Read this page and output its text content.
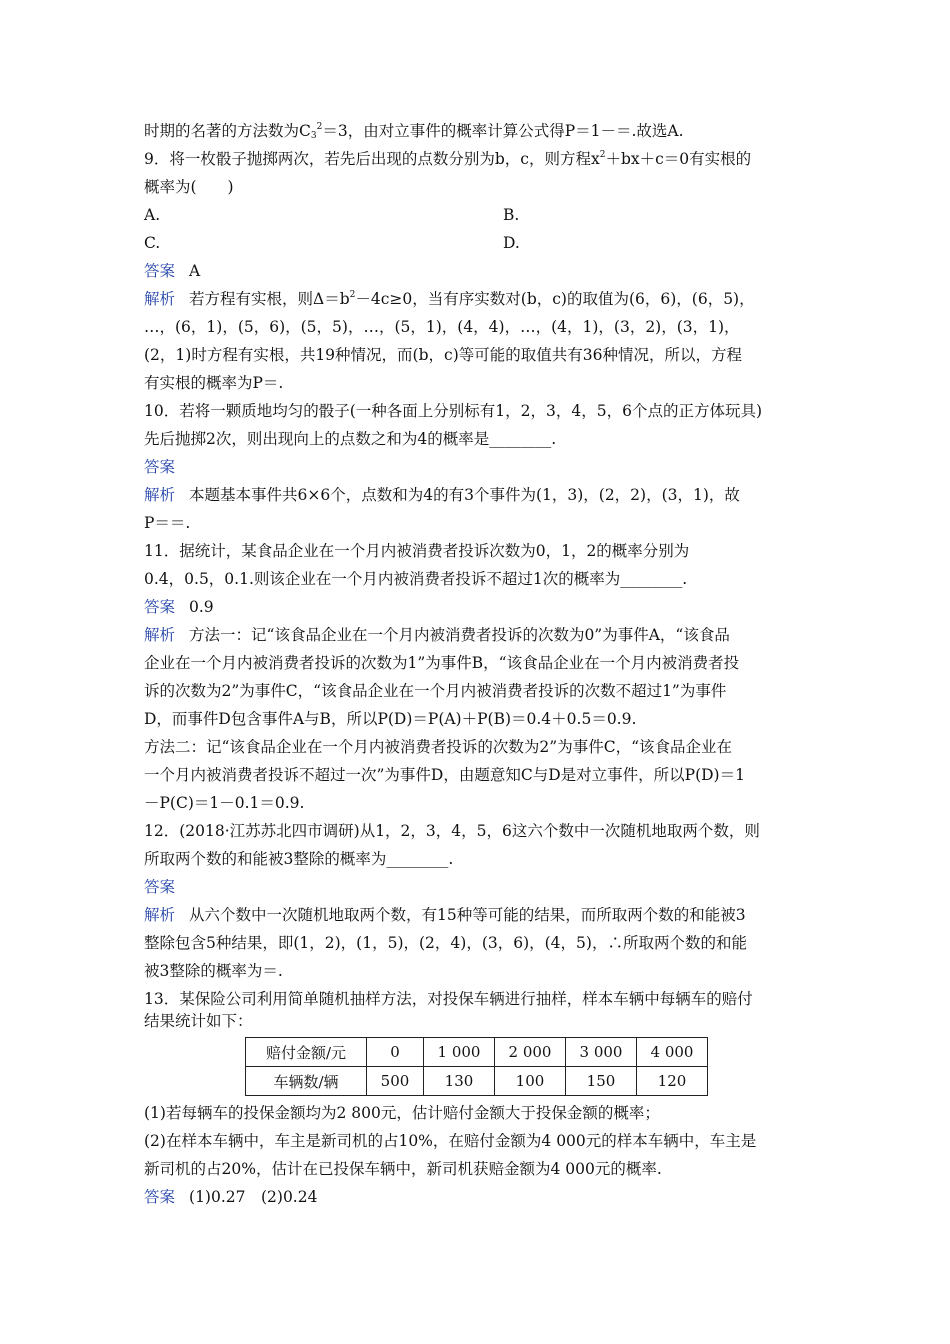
时期的名著的方法数为$C_3^2=3$，由对立事件的概率计算公式得P＝1－＝.故选A.
9．将一枚骰子抛掷两次，若先后出现的点数分别为b，c，则方程$x^2+bx+c=0$有实根的
概率为(　　)
A.	B.
C.	D.
答案 A
解析 若方程有实根，则$\Delta=b^2-4c\ge 0$，当有序实数对(b，c)的取值为(6，6)，(6，5)，
…，(6，1)，(5，6)，(5，5)，…，(5，1)，(4，4)，…，(4，1)，(3，2)，(3，1)，
(2，1)时方程有实根，共19种情况，而(b，c)等可能的取值共有36种情况，所以，方程
有实根的概率为P＝.
10．若将一颗质地均匀的骰子(一种各面上分别标有1，2，3，4，5，6个点的正方体玩具)
先后抛掷2次，则出现向上的点数之和为4的概率是________.
答案
解析 本题基本事件共6×6个，点数和为4的有3个事件为(1，3)，(2，2)，(3，1)，故
P＝＝.
11．据统计，某食品企业在一个月内被消费者投诉次数为0，1，2的概率分别为
0.4，0.5，0.1.则该企业在一个月内被消费者投诉不超过1次的概率为________.
答案 0.9
解析 方法一：记“该食品企业在一个月内被消费者投诉的次数为0”为事件A，“该食品
企业在一个月内被消费者投诉的次数为1”为事件B，“该食品企业在一个月内被消费者投
诉的次数为2”为事件C，“该食品企业在一个月内被消费者投诉的次数不超过1”为事件
D，而事件D包含事件A与B，所以P(D)＝P(A)＋P(B)＝0.4＋0.5＝0.9.
方法二：记“该食品企业在一个月内被消费者投诉的次数为2”为事件C，“该食品企业在
一个月内被消费者投诉不超过一次”为事件D，由题意知C与D是对立事件，所以P(D)＝1
－P(C)＝1－0.1＝0.9.
12．(2018·江苏苏北四市调研)从1，2，3，4，5，6这六个数中一次随机地取两个数，则
所取两个数的和能被3整除的概率为________.
答案
解析 从六个数中一次随机地取两个数，有15种等可能的结果，而所取两个数的和能被3
整除包含5种结果，即(1，2)，(1，5)，(2，4)，(3，6)，(4，5)，∴所取两个数的和能
被3整除的概率为＝.
13．某保险公司利用简单随机抽样方法，对投保车辆进行抽样，样本车辆中每辆车的赔付
结果统计如下：
赔付金额/元	0	1 000	2 000	3 000	4 000
车辆数/辆	500	130	100	150	120
(1)若每辆车的投保金额均为2 800元，估计赔付金额大于投保金额的概率；
(2)在样本车辆中，车主是新司机的占10%，在赔付金额为4 000元的样本车辆中，车主是
新司机的占20%，估计在已投保车辆中，新司机获赔金额为4 000元的概率.
答案 (1)0.27　(2)0.24
